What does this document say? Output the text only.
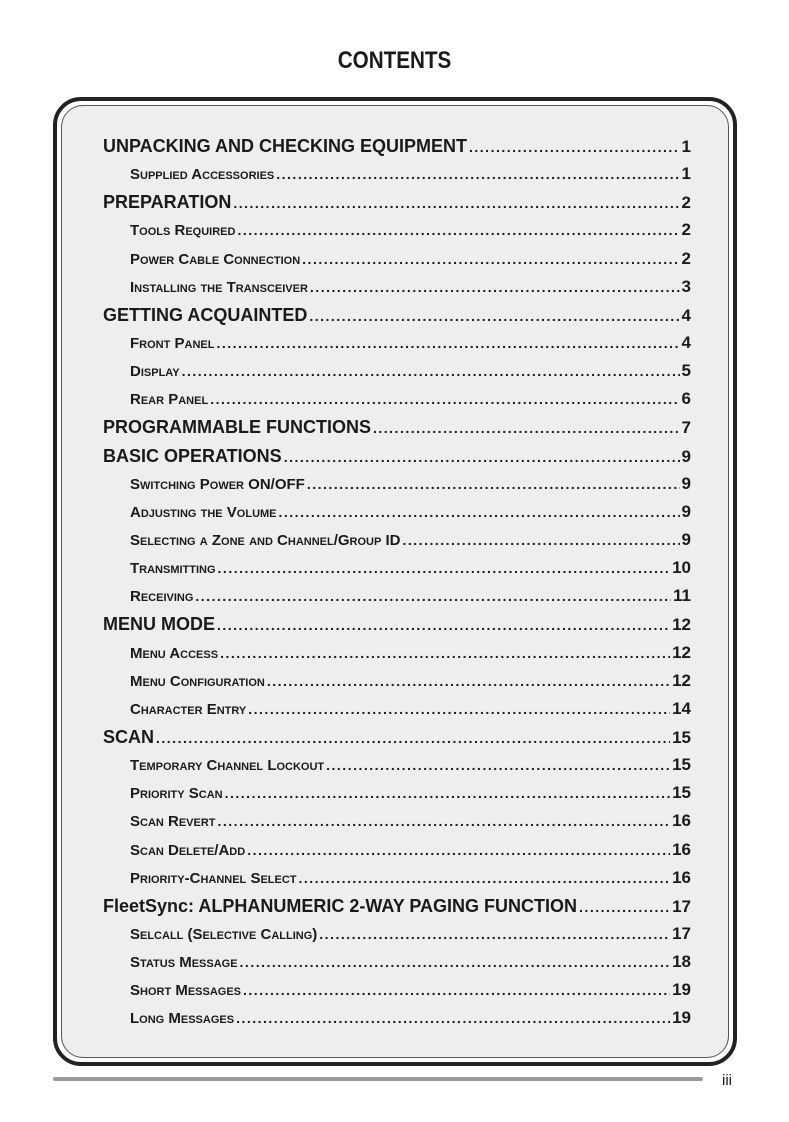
CONTENTS
UNPACKING AND CHECKING EQUIPMENT .....	1
Supplied Accessories .....	1
PREPARATION .....	2
Tools Required .....	2
Power Cable Connection .....	2
Installing the Transceiver .....	3
GETTING ACQUAINTED .....	4
Front Panel .....	4
Display .....	5
Rear Panel .....	6
PROGRAMMABLE FUNCTIONS .....	7
BASIC OPERATIONS .....	9
Switching Power ON/OFF .....	9
Adjusting the Volume .....	9
Selecting a Zone and Channel/Group ID .....	9
Transmitting .....	10
Receiving .....	11
MENU MODE .....	12
Menu Access .....	12
Menu Configuration .....	12
Character Entry .....	14
SCAN .....	15
Temporary Channel Lockout .....	15
Priority Scan .....	15
Scan Revert .....	16
Scan Delete/Add .....	16
Priority-Channel Select .....	16
FleetSync: ALPHANUMERIC 2-WAY PAGING FUNCTION .....	17
Selcall (Selective Calling) .....	17
Status Message .....	18
Short Messages .....	19
Long Messages .....	19
iii
